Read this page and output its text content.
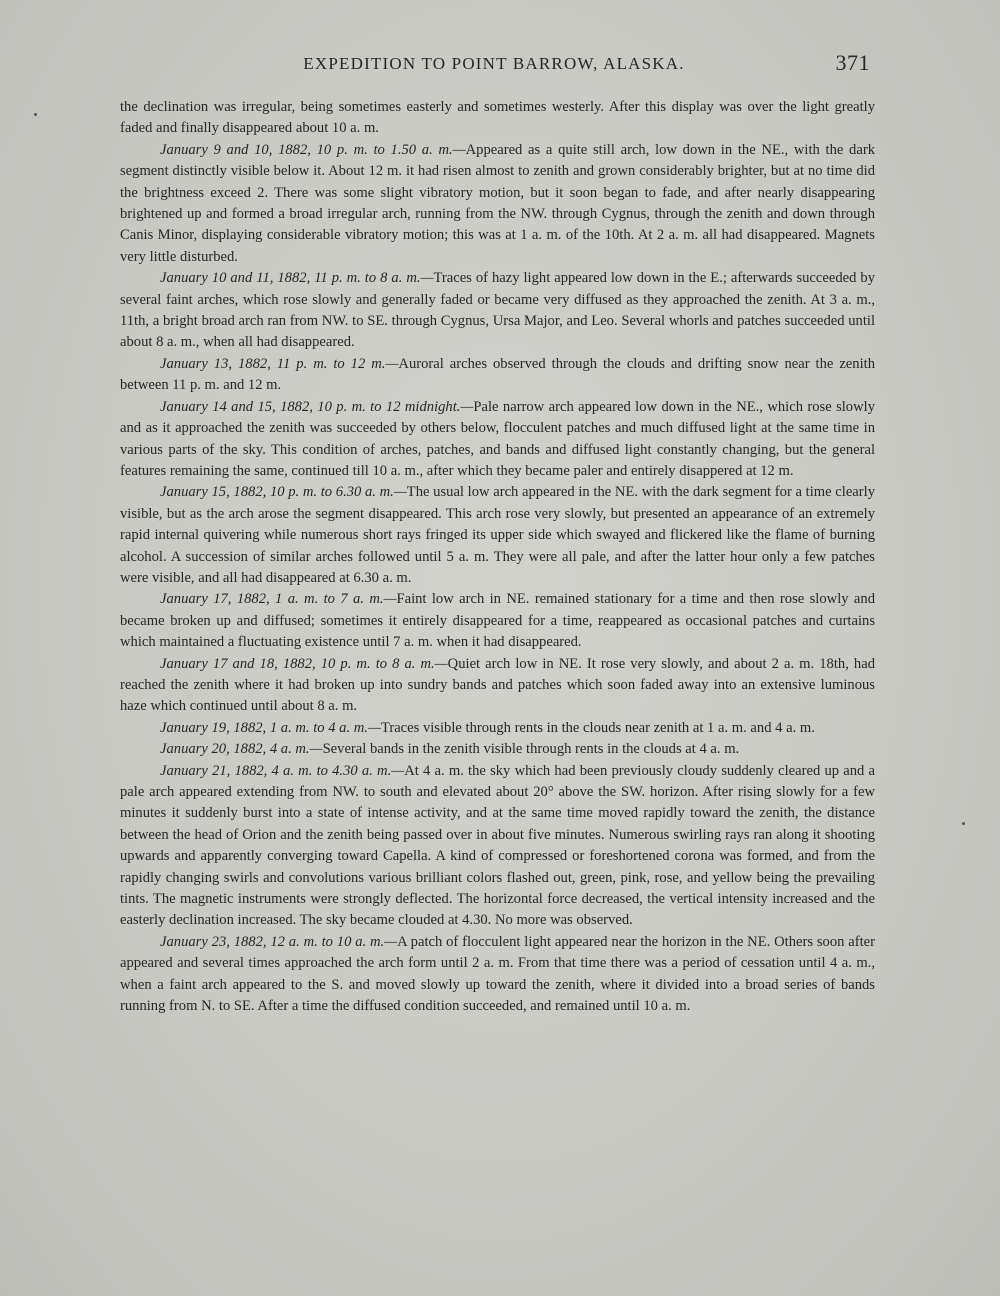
EXPEDITION TO POINT BARROW, ALASKA.	371

the declination was irregular, being sometimes easterly and sometimes westerly. After this display was over the light greatly faded and finally disappeared about 10 a. m.

January 9 and 10, 1882, 10 p. m. to 1.50 a. m.—Appeared as a quite still arch, low down in the NE., with the dark segment distinctly visible below it. About 12 m. it had risen almost to zenith and grown considerably brighter, but at no time did the brightness exceed 2. There was some slight vibratory motion, but it soon began to fade, and after nearly disappearing brightened up and formed a broad irregular arch, running from the NW. through Cygnus, through the zenith and down through Canis Minor, displaying considerable vibratory motion; this was at 1 a. m. of the 10th. At 2 a. m. all had disappeared. Magnets very little disturbed.

January 10 and 11, 1882, 11 p. m. to 8 a. m.—Traces of hazy light appeared low down in the E.; afterwards succeeded by several faint arches, which rose slowly and generally faded or became very diffused as they approached the zenith. At 3 a. m., 11th, a bright broad arch ran from NW. to SE. through Cygnus, Ursa Major, and Leo. Several whorls and patches succeeded until about 8 a. m., when all had disappeared.

January 13, 1882, 11 p. m. to 12 m.—Auroral arches observed through the clouds and drifting snow near the zenith between 11 p. m. and 12 m.

January 14 and 15, 1882, 10 p. m. to 12 midnight.—Pale narrow arch appeared low down in the NE., which rose slowly and as it approached the zenith was succeeded by others below, flocculent patches and much diffused light at the same time in various parts of the sky. This condition of arches, patches, and bands and diffused light constantly changing, but the general features remaining the same, continued till 10 a. m., after which they became paler and entirely disappered at 12 m.

January 15, 1882, 10 p. m. to 6.30 a. m.—The usual low arch appeared in the NE. with the dark segment for a time clearly visible, but as the arch arose the segment disappeared. This arch rose very slowly, but presented an appearance of an extremely rapid internal quivering while numerous short rays fringed its upper side which swayed and flickered like the flame of burning alcohol. A succession of similar arches followed until 5 a. m. They were all pale, and after the latter hour only a few patches were visible, and all had disappeared at 6.30 a. m.

January 17, 1882, 1 a. m. to 7 a. m.—Faint low arch in NE. remained stationary for a time and then rose slowly and became broken up and diffused; sometimes it entirely disappeared for a time, reappeared as occasional patches and curtains which maintained a fluctuating existence until 7 a. m. when it had disappeared.

January 17 and 18, 1882, 10 p. m. to 8 a. m.—Quiet arch low in NE. It rose very slowly, and about 2 a. m. 18th, had reached the zenith where it had broken up into sundry bands and patches which soon faded away into an extensive luminous haze which continued until about 8 a. m.

January 19, 1882, 1 a. m. to 4 a. m.—Traces visible through rents in the clouds near zenith at 1 a. m. and 4 a. m.

January 20, 1882, 4 a. m.—Several bands in the zenith visible through rents in the clouds at 4 a. m.

January 21, 1882, 4 a. m. to 4.30 a. m.—At 4 a. m. the sky which had been previously cloudy suddenly cleared up and a pale arch appeared extending from NW. to south and elevated about 20° above the SW. horizon. After rising slowly for a few minutes it suddenly burst into a state of intense activity, and at the same time moved rapidly toward the zenith, the distance between the head of Orion and the zenith being passed over in about five minutes. Numerous swirling rays ran along it shooting upwards and apparently converging toward Capella. A kind of compressed or foreshortened corona was formed, and from the rapidly changing swirls and convolutions various brilliant colors flashed out, green, pink, rose, and yellow being the prevailing tints. The magnetic instruments were strongly deflected. The horizontal force decreased, the vertical intensity increased and the easterly declination increased. The sky became clouded at 4.30. No more was observed.

January 23, 1882, 12 a. m. to 10 a. m.—A patch of flocculent light appeared near the horizon in the NE. Others soon after appeared and several times approached the arch form until 2 a. m. From that time there was a period of cessation until 4 a. m., when a faint arch appeared to the S. and moved slowly up toward the zenith, where it divided into a broad series of bands running from N. to SE. After a time the diffused condition succeeded, and remained until 10 a. m.
